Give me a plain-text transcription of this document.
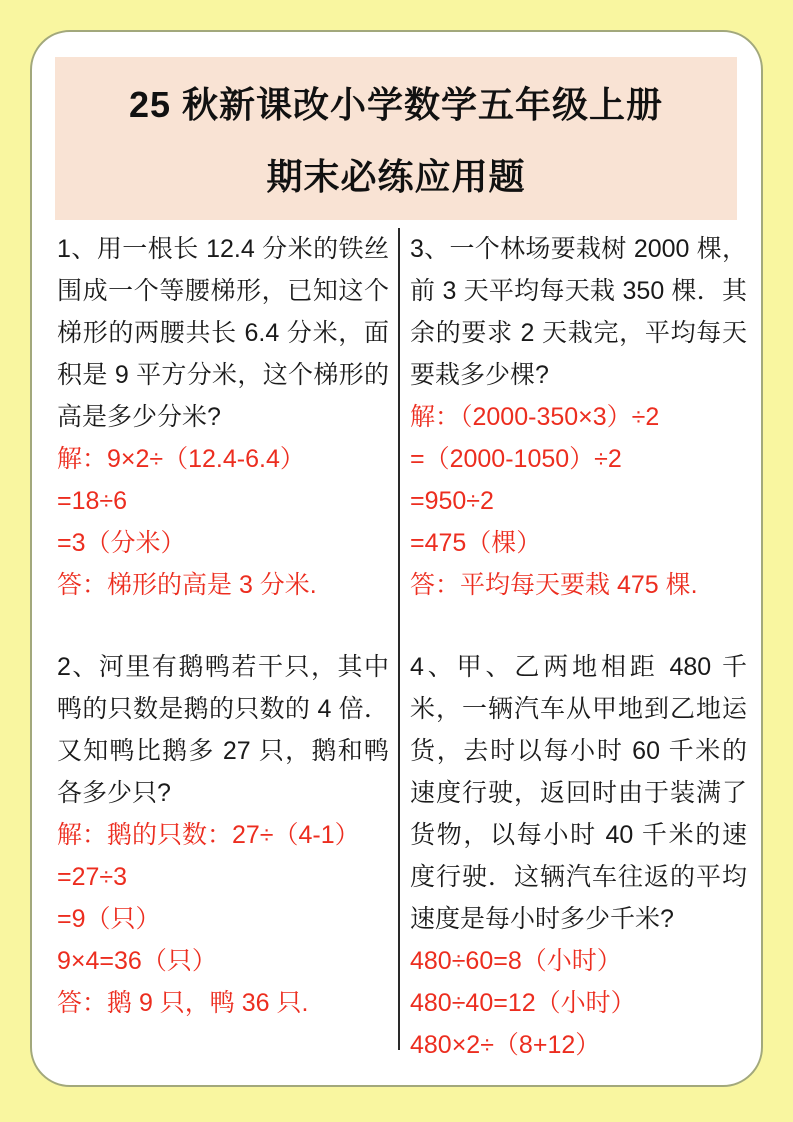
25 秋新课改小学数学五年级上册
期末必练应用题

1、用一根长 12.4 分米的铁丝围成一个等腰梯形，已知这个梯形的两腰共长 6.4 分米，面积是 9 平方分米，这个梯形的高是多少分米?

解：9×2÷（12.4-6.4）

=18÷6

=3（分米）

答：梯形的高是 3 分米.

2、河里有鹅鸭若干只，其中鸭的只数是鹅的只数的 4 倍．又知鸭比鹅多 27 只，鹅和鸭各多少只?

解：鹅的只数：27÷（4-1）

=27÷3

=9（只）

9×4=36（只）

答：鹅 9 只，鸭 36 只.

3、一个林场要栽树 2000 棵，前 3 天平均每天栽 350 棵．其余的要求 2 天栽完，平均每天要栽多少棵?

解：（2000-350×3）÷2

=（2000-1050）÷2

=950÷2

=475（棵）

答：平均每天要栽 475 棵.

4、甲、乙两地相距 480 千米，一辆汽车从甲地到乙地运货，去时以每小时 60 千米的速度行驶，返回时由于装满了货物，以每小时 40 千米的速度行驶．这辆汽车往返的平均速度是每小时多少千米?

480÷60=8（小时）

480÷40=12（小时）

480×2÷（8+12）
